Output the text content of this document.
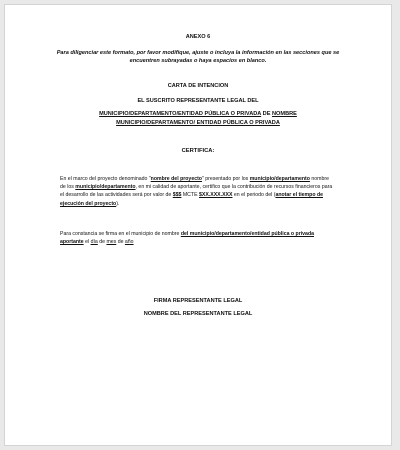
ANEXO 6
Para diligenciar este formato, por favor modifique, ajuste o incluya la información en las secciones que se encuentren subrayadas o haya espacios en blanco.
CARTA DE INTENCION
EL SUSCRITO REPRESENTANTE LEGAL DEL
MUNICIPIO/DEPARTAMENTO/ENTIDAD PÚBLICA O PRIVADA DE NOMBRE MUNICIPIO/DEPARTAMENTO/ ENTIDAD PÚBLICA O PRIVADA
CERTIFICA:
En el marco del proyecto denominado "nombre del proyecto" presentado por los municipio/departamento nombre de los municipio/departamento, en mi calidad de aportante, certifico que la contribución de recursos financieros para el desarrollo de las actividades será por valor de $$$ MCTE $XX.XXX.XXX en el periodo del (anotar el tiempo de ejecución del proyecto).
Para constancia se firma en el municipio de nombre del municipio/departamento/entidad pública o privada aportante el día de mes de año
FIRMA REPRESENTANTE LEGAL
NOMBRE DEL REPRESENTANTE LEGAL
